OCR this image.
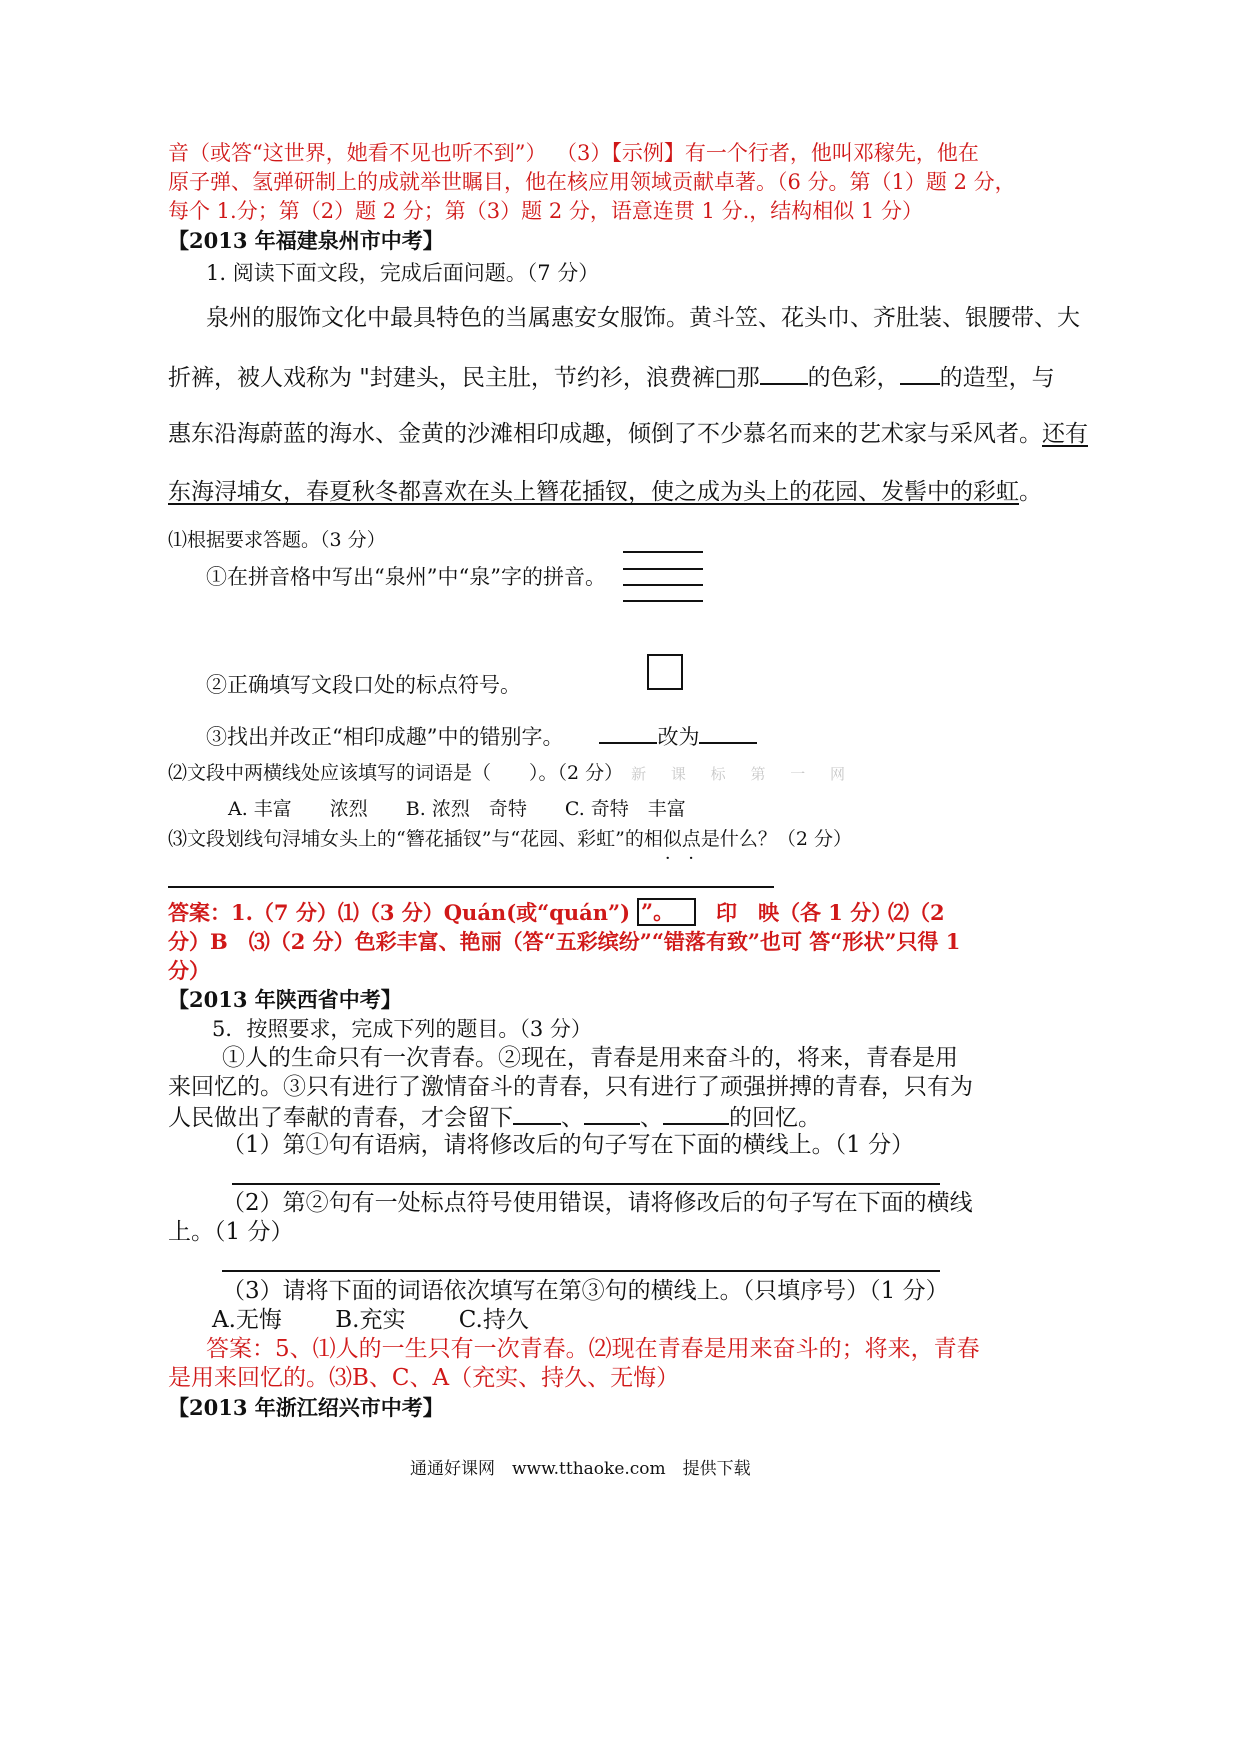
音（或答“这世界，她看不见也听不到”） （3）【示例】有一个行者，他叫邓稼先，他在
原子弹、氢弹研制上的成就举世瞩目，他在核应用领域贡献卓著。（6 分。第（1）题 2 分，
每个 1.分；第（2）题 2 分；第（3）题 2 分，语意连贯 1 分.，结构相似 1 分）
【2013 年福建泉州市中考】
1. 阅读下面文段，完成后面问题。（7 分）
泉州的服饰文化中最具特色的当属惠安女服饰。黄斗笠、花头巾、齐肚装、银腰带、大
折裤，被人戏称为 "封建头，民主肚，节约衫，浪费裤□那 的色彩， 的造型，与
惠东沿海蔚蓝的海水、金黄的沙滩相印成趣，倾倒了不少慕名而来的艺术家与采风者。还有
东海浔埔女，春夏秋冬都喜欢在头上簪花插钗，使之成为头上的花园、发髻中的彩虹。
⑴根据要求答题。（3 分）
①在拼音格中写出“泉州”中“泉”字的拼音。
②正确填写文段口处的标点符号。
③找出并改正“相印成趣”中的错别字。	改为
⑵文段中两横线处应该填写的词语是（　　）。（2 分） 新 课 标 第 一 网
A. 丰富　　浓烈　　B. 浓烈　奇特　　C. 奇特　丰富
⑶文段划线句浔埔女头上的“簪花插钗”与“花园、彩虹”的相似点 · ·是什么？（2 分）
答案：1.（7 分）⑴（3 分）Quán(或“quán”) ”。	印　映（各 1 分）
⑵（2
分）B　⑶（2 分）色彩丰富、艳丽（答“五彩缤纷”“错落有致”也可 答“形状”只得 1
分）
【2013 年陕西省中考】
5．按照要求，完成下列的题目。（3 分）
①人的生命只有一次青春。②现在，青春是用来奋斗的，将来，青春是用
来回忆的。③只有进行了激情奋斗的青春，只有进行了顽强拼搏的青春，只有为
人民做出了奉献的青春，才会留下 、 、	的回忆。
（1）第①句有语病，请将修改后的句子写在下面的横线上。（1 分）
（2）第②句有一处标点符号使用错误，请将修改后的句子写在下面的横线
上。（1 分）
（3）请将下面的词语依次填写在第③句的横线上。（只填序号）（1 分）
A.无悔　　 B.充实　　 C.持久
答案：5、⑴人的一生只有一次青春。⑵现在青春是用来奋斗的；将来，青春
是用来回忆的。⑶B、C、A（充实、持久、无悔）
【2013 年浙江绍兴市中考】
通通好课网　www.tthaoke.com　提供下载
